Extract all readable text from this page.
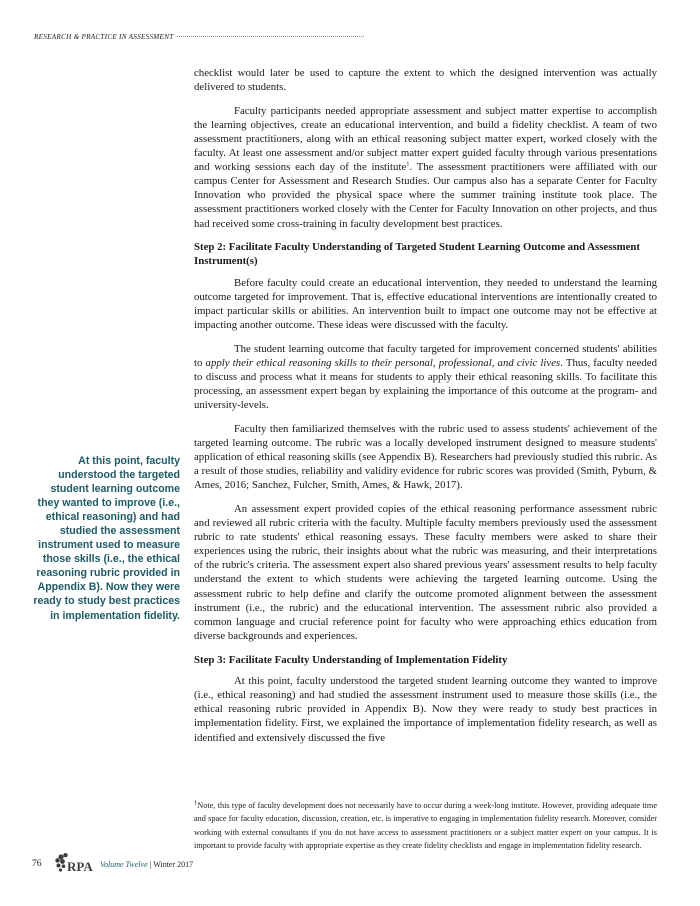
RESEARCH & PRACTICE IN ASSESSMENT

checklist would later be used to capture the extent to which the designed intervention was actually delivered to students.

Faculty participants needed appropriate assessment and subject matter expertise to accomplish the learning objectives, create an educational intervention, and build a fidelity checklist. A team of two assessment practitioners, along with an ethical reasoning subject matter expert, worked closely with the faculty. At least one assessment and/or subject matter expert guided faculty through various presentations and working sessions each day of the institute$^1$. The assessment practitioners were affiliated with our campus Center for Assessment and Research Studies. Our campus also has a separate Center for Faculty Innovation who provided the physical space where the summer training institute took place. The assessment practitioners worked closely with the Center for Faculty Innovation on other projects, and thus had received some cross-training in faculty development best practices.

Step 2: Facilitate Faculty Understanding of Targeted Student Learning Outcome and Assessment Instrument(s)

Before faculty could create an educational intervention, they needed to understand the learning outcome targeted for improvement. That is, effective educational interventions are intentionally created to impact particular skills or abilities. An intervention built to impact one outcome may not be effective at impacting another outcome. These ideas were discussed with the faculty.

The student learning outcome that faculty targeted for improvement concerned students' abilities to apply their ethical reasoning skills to their personal, professional, and civic lives. Thus, faculty needed to discuss and process what it means for students to apply their ethical reasoning skills. To facilitate this processing, an assessment expert began by explaining the importance of this outcome at the program- and university-levels.

Faculty then familiarized themselves with the rubric used to assess students' achievement of the targeted learning outcome. The rubric was a locally developed instrument designed to measure students' application of ethical reasoning skills (see Appendix B). Researchers had previously studied this rubric. As a result of those studies, reliability and validity evidence for rubric scores was provided (Smith, Pyburn, & Ames, 2016; Sanchez, Fulcher, Smith, Ames, & Hawk, 2017).

An assessment expert provided copies of the ethical reasoning performance assessment rubric and reviewed all rubric criteria with the faculty. Multiple faculty members previously used the assessment rubric to rate students' ethical reasoning essays. These faculty members were asked to share their experiences using the rubric, their insights about what the rubric was measuring, and their interpretations of the rubric's criteria. The assessment expert also shared previous years' assessment results to help faculty understand the extent to which students were achieving the targeted learning outcome. Using the assessment rubric to help define and clarify the outcome promoted alignment between the assessment instrument (i.e., the rubric) and the educational intervention. The assessment rubric also provided a common language and crucial reference point for faculty who were approaching ethics education from diverse backgrounds and experiences.

Step 3: Facilitate Faculty Understanding of Implementation Fidelity

At this point, faculty understood the targeted student learning outcome they wanted to improve (i.e., ethical reasoning) and had studied the assessment instrument used to measure those skills (i.e., the ethical reasoning rubric provided in Appendix B). Now they were ready to study best practices in implementation fidelity. First, we explained the importance of implementation fidelity research, as well as identified and extensively discussed the five

At this point, faculty understood the targeted student learning outcome they wanted to improve (i.e., ethical reasoning) and had studied the assessment instrument used to measure those skills (i.e., the ethical reasoning rubric provided in Appendix B). Now they were ready to study best practices in implementation fidelity.
$^1$Note, this type of faculty development does not necessarily have to occur during a week-long institute. However, providing adequate time and space for faculty education, discussion, creation, etc. is imperative to engaging in implementation fidelity research. Moreover, consider working with external consultants if you do not have access to assessment practitioners or a subject matter expert on your campus. It is important to provide faculty with appropriate expertise as they create fidelity checklists and engage in implementation fidelity research.
76	RPA Volume Twelve | Winter 2017
